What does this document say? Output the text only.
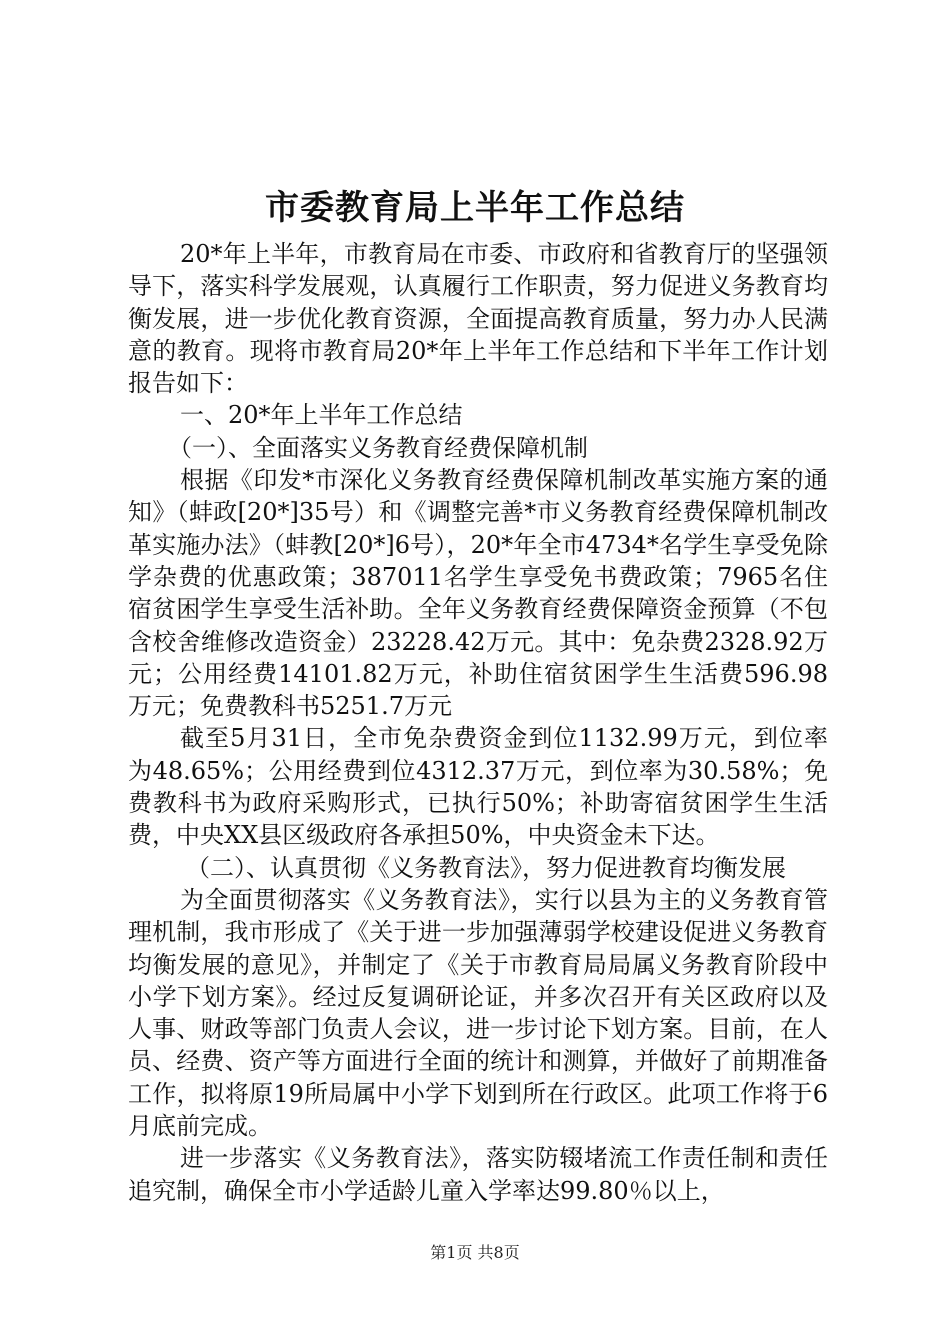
市委教育局上半年工作总结

20*年上半年，市教育局在市委、市政府和省教育厅的坚强领导下，落实科学发展观，认真履行工作职责，努力促进义务教育均衡发展，进一步优化教育资源，全面提高教育质量，努力办人民满意的教育。现将市教育局20*年上半年工作总结和下半年工作计划报告如下：

一、20*年上半年工作总结

（一）、全面落实义务教育经费保障机制

根据《印发*市深化义务教育经费保障机制改革实施方案的通知》（蚌政[20*]35号）和《调整完善*市义务教育经费保障机制改革实施办法》（蚌教[20*]6号），20*年全市4734*名学生享受免除学杂费的优惠政策；387011名学生享受免书费政策；7965名住宿贫困学生享受生活补助。全年义务教育经费保障资金预算（不包含校舍维修改造资金）23228.42万元。其中：免杂费2328.92万元；公用经费14101.82万元，补助住宿贫困学生生活费596.98万元；免费教科书5251.7万元

截至5月31日，全市免杂费资金到位1132.99万元，到位率为48.65%；公用经费到位4312.37万元，到位率为30.58%；免费教科书为政府采购形式，已执行50%；补助寄宿贫困学生生活费，中央XX县区级政府各承担50%，中央资金未下达。

（二）、认真贯彻《义务教育法》，努力促进教育均衡发展

为全面贯彻落实《义务教育法》，实行以县为主的义务教育管理机制，我市形成了《关于进一步加强薄弱学校建设促进义务教育均衡发展的意见》，并制定了《关于市教育局局属义务教育阶段中小学下划方案》。经过反复调研论证，并多次召开有关区政府以及人事、财政等部门负责人会议，进一步讨论下划方案。目前，在人员、经费、资产等方面进行全面的统计和测算，并做好了前期准备工作，拟将原19所局属中小学下划到所在行政区。此项工作将于6月底前完成。

进一步落实《义务教育法》，落实防辍堵流工作责任制和责任追究制，确保全市小学适龄儿童入学率达99.80％以上，

第1页 共8页
